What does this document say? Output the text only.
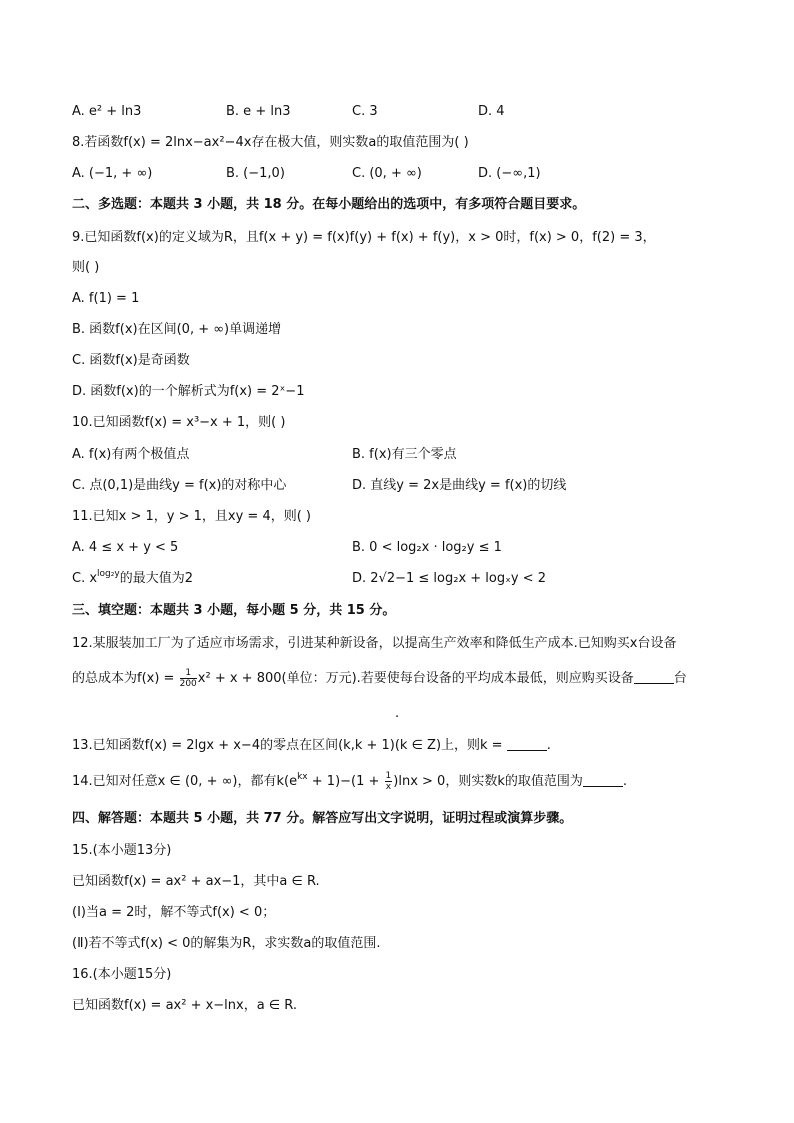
A. e² + ln3	B. e + ln3	C. 3	D. 4
8.若函数f(x) = 2lnx−ax²−4x存在极大值，则实数a的取值范围为( )
A. (−1, + ∞)	B. (−1,0)	C. (0, + ∞)	D. (−∞,1)
二、多选题：本题共 3 小题，共 18 分。在每小题给出的选项中，有多项符合题目要求。
9.已知函数f(x)的定义域为R，且f(x + y) = f(x)f(y) + f(x) + f(y)，x > 0时，f(x) > 0，f(2) = 3，
则( )
A. f(1) = 1
B. 函数f(x)在区间(0, + ∞)单调递增
C. 函数f(x)是奇函数
D. 函数f(x)的一个解析式为f(x) = 2ˣ−1
10.已知函数f(x) = x³−x + 1，则( )
A. f(x)有两个极值点	B. f(x)有三个零点
C. 点(0,1)是曲线y = f(x)的对称中心	D. 直线y = 2x是曲线y = f(x)的切线
11.已知x > 1，y > 1，且xy = 4，则( )
A. 4 ≤ x + y < 5	B. 0 < log₂x · log₂y ≤ 1
C. $x^{log_2y}$的最大值为2	D. 2√2−1 ≤ log₂x + logₓy < 2
三、填空题：本题共 3 小题，每小题 5 分，共 15 分。
12.某服装加工厂为了适应市场需求，引进某种新设备，以提高生产效率和降低生产成本.已知购买x台设备
的总成本为$f(x) = \frac{1}{200} x^2 + x + 800$(单位：万元).若要使每台设备的平均成本最低，则应购买设备	台
.
13.已知函数f(x) = 2lgx + x−4的零点在区间(k,k + 1)(k ∈ Z)上，则k =	.
14.已知对任意x ∈ (0, + ∞)，都有$k(e^{kx} + 1)-(1 + \frac{1}{x} )\ln x > 0$，则实数k的取值范围为	.
四、解答题：本题共 5 小题，共 77 分。解答应写出文字说明，证明过程或演算步骤。
15.(本小题13分)
已知函数f(x) = ax² + ax−1，其中a ∈ R.
(Ⅰ)当a = 2时，解不等式f(x) < 0；
(Ⅱ)若不等式f(x) < 0的解集为R，求实数a的取值范围.
16.(本小题15分)
已知函数f(x) = ax² + x−lnx，a ∈ R.
